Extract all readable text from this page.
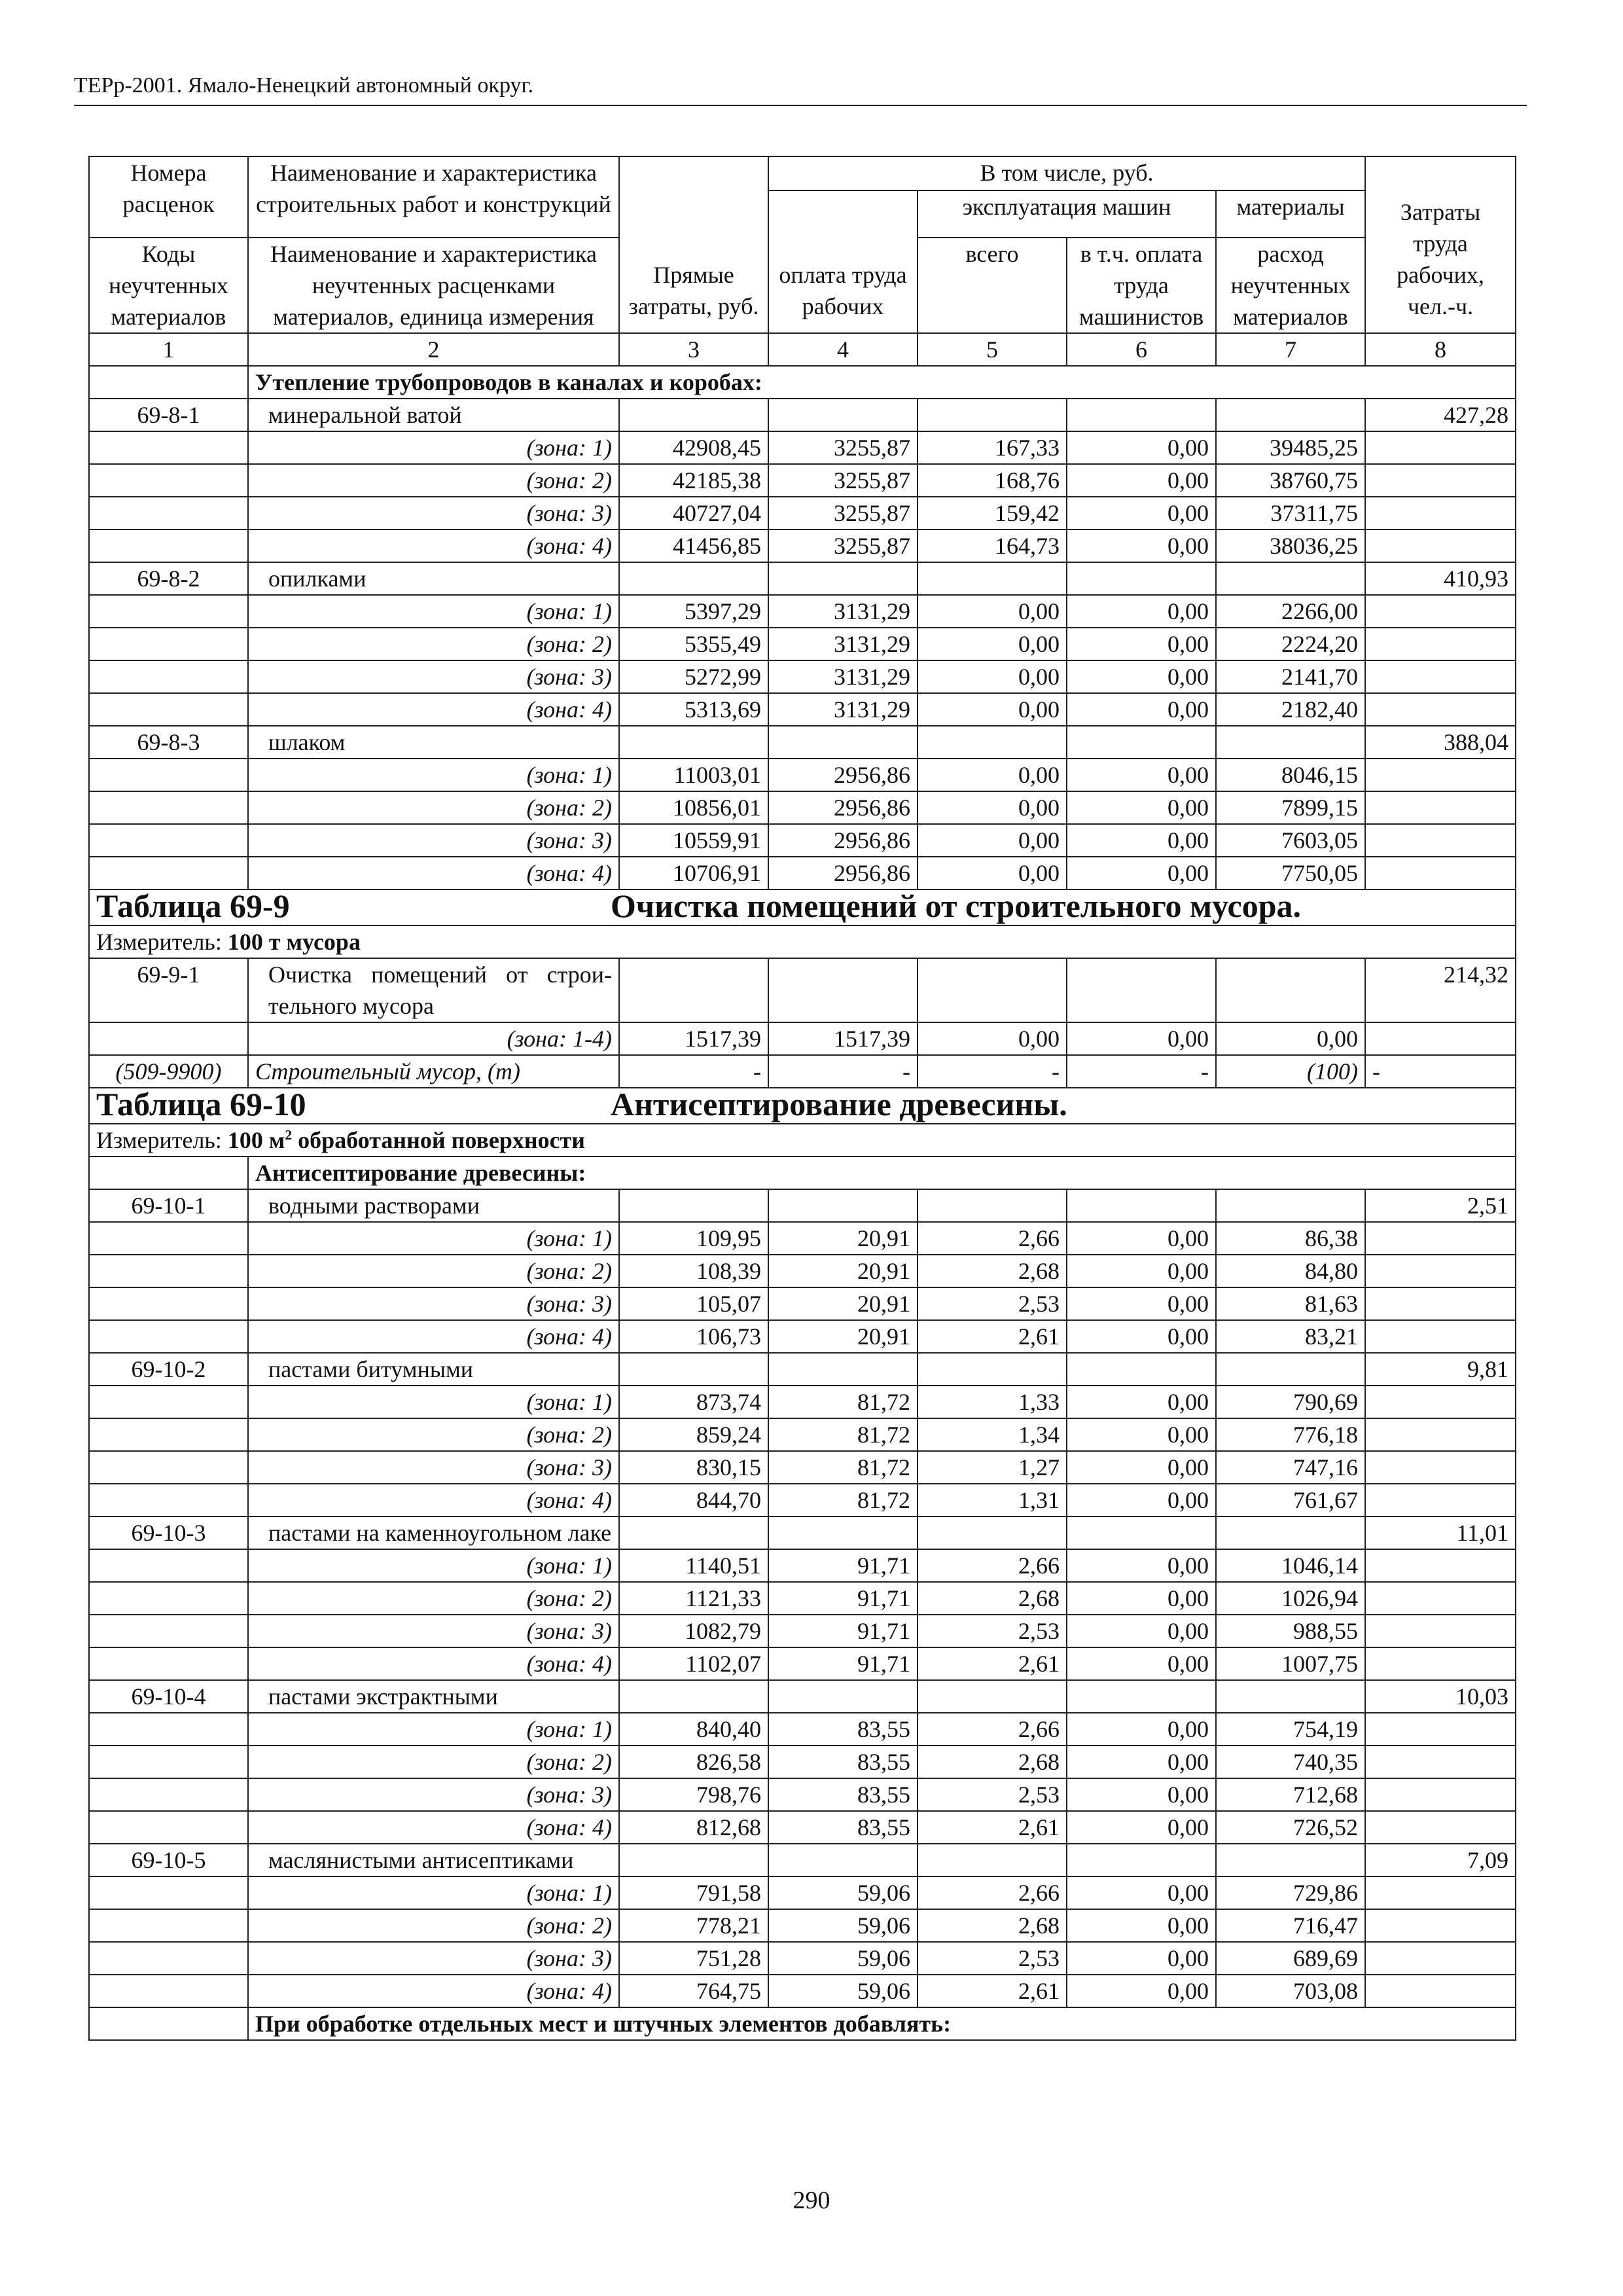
ТЕРр-2001. Ямало-Ненецкий автономный округ.
Номера расценок	Наименование и характеристика строительных работ и конструкций	Прямые затраты, руб.	В том числе, руб.				Затраты труда рабочих, чел.-ч.
			оплата труда рабочих	эксплуатация машин		материалы	

Коды неучтенных материалов	Наименование и характеристика неучтенных расценками материалов, единица измерения			всего	в т.ч. оплата труда машинистов	расход неучтенных материалов	

1	2	3	4	5	6	7	8
	Утепление трубопроводов в каналах и коробах:						
69-8-1	минеральной ватой						427,28
	(зона: 1)	42908,45	3255,87	167,33	0,00	39485,25	
	(зона: 2)	42185,38	3255,87	168,76	0,00	38760,75	
	(зона: 3)	40727,04	3255,87	159,42	0,00	37311,75	
	(зона: 4)	41456,85	3255,87	164,73	0,00	38036,25	
69-8-2	опилками						410,93
	(зона: 1)	5397,29	3131,29	0,00	0,00	2266,00	
	(зона: 2)	5355,49	3131,29	0,00	0,00	2224,20	
	(зона: 3)	5272,99	3131,29	0,00	0,00	2141,70	
	(зона: 4)	5313,69	3131,29	0,00	0,00	2182,40	
69-8-3	шлаком						388,04
	(зона: 1)	11003,01	2956,86	0,00	0,00	8046,15	
	(зона: 2)	10856,01	2956,86	0,00	0,00	7899,15	
	(зона: 3)	10559,91	2956,86	0,00	0,00	7603,05	
	(зона: 4)	10706,91	2956,86	0,00	0,00	7750,05	
Таблица 69-9 Очистка помещений от строительного мусора.							
Измеритель: 100 т мусора							
69-9-1	Очистка помещений от строи-тельного мусора						214,32
	(зона: 1-4)	1517,39	1517,39	0,00	0,00	0,00	
(509-9900)	Строительный мусор, (т)	-	-	-	-	(100)	-
Таблица 69-10 Антисептирование древесины.							
Измеритель: 100 $м^2$ обработанной поверхности							
	Антисептирование древесины:						
69-10-1	водными растворами						2,51
	(зона: 1)	109,95	20,91	2,66	0,00	86,38	
	(зона: 2)	108,39	20,91	2,68	0,00	84,80	
	(зона: 3)	105,07	20,91	2,53	0,00	81,63	
	(зона: 4)	106,73	20,91	2,61	0,00	83,21	
69-10-2	пастами битумными						9,81
	(зона: 1)	873,74	81,72	1,33	0,00	790,69	
	(зона: 2)	859,24	81,72	1,34	0,00	776,18	
	(зона: 3)	830,15	81,72	1,27	0,00	747,16	
	(зона: 4)	844,70	81,72	1,31	0,00	761,67	
69-10-3	пастами на каменноугольном лаке						11,01
	(зона: 1)	1140,51	91,71	2,66	0,00	1046,14	
	(зона: 2)	1121,33	91,71	2,68	0,00	1026,94	
	(зона: 3)	1082,79	91,71	2,53	0,00	988,55	
	(зона: 4)	1102,07	91,71	2,61	0,00	1007,75	
69-10-4	пастами экстрактными						10,03
	(зона: 1)	840,40	83,55	2,66	0,00	754,19	
	(зона: 2)	826,58	83,55	2,68	0,00	740,35	
	(зона: 3)	798,76	83,55	2,53	0,00	712,68	
	(зона: 4)	812,68	83,55	2,61	0,00	726,52	
69-10-5	маслянистыми антисептиками						7,09
	(зона: 1)	791,58	59,06	2,66	0,00	729,86	
	(зона: 2)	778,21	59,06	2,68	0,00	716,47	
	(зона: 3)	751,28	59,06	2,53	0,00	689,69	
	(зона: 4)	764,75	59,06	2,61	0,00	703,08	
	При обработке отдельных мест и штучных элементов добавлять:						
290
